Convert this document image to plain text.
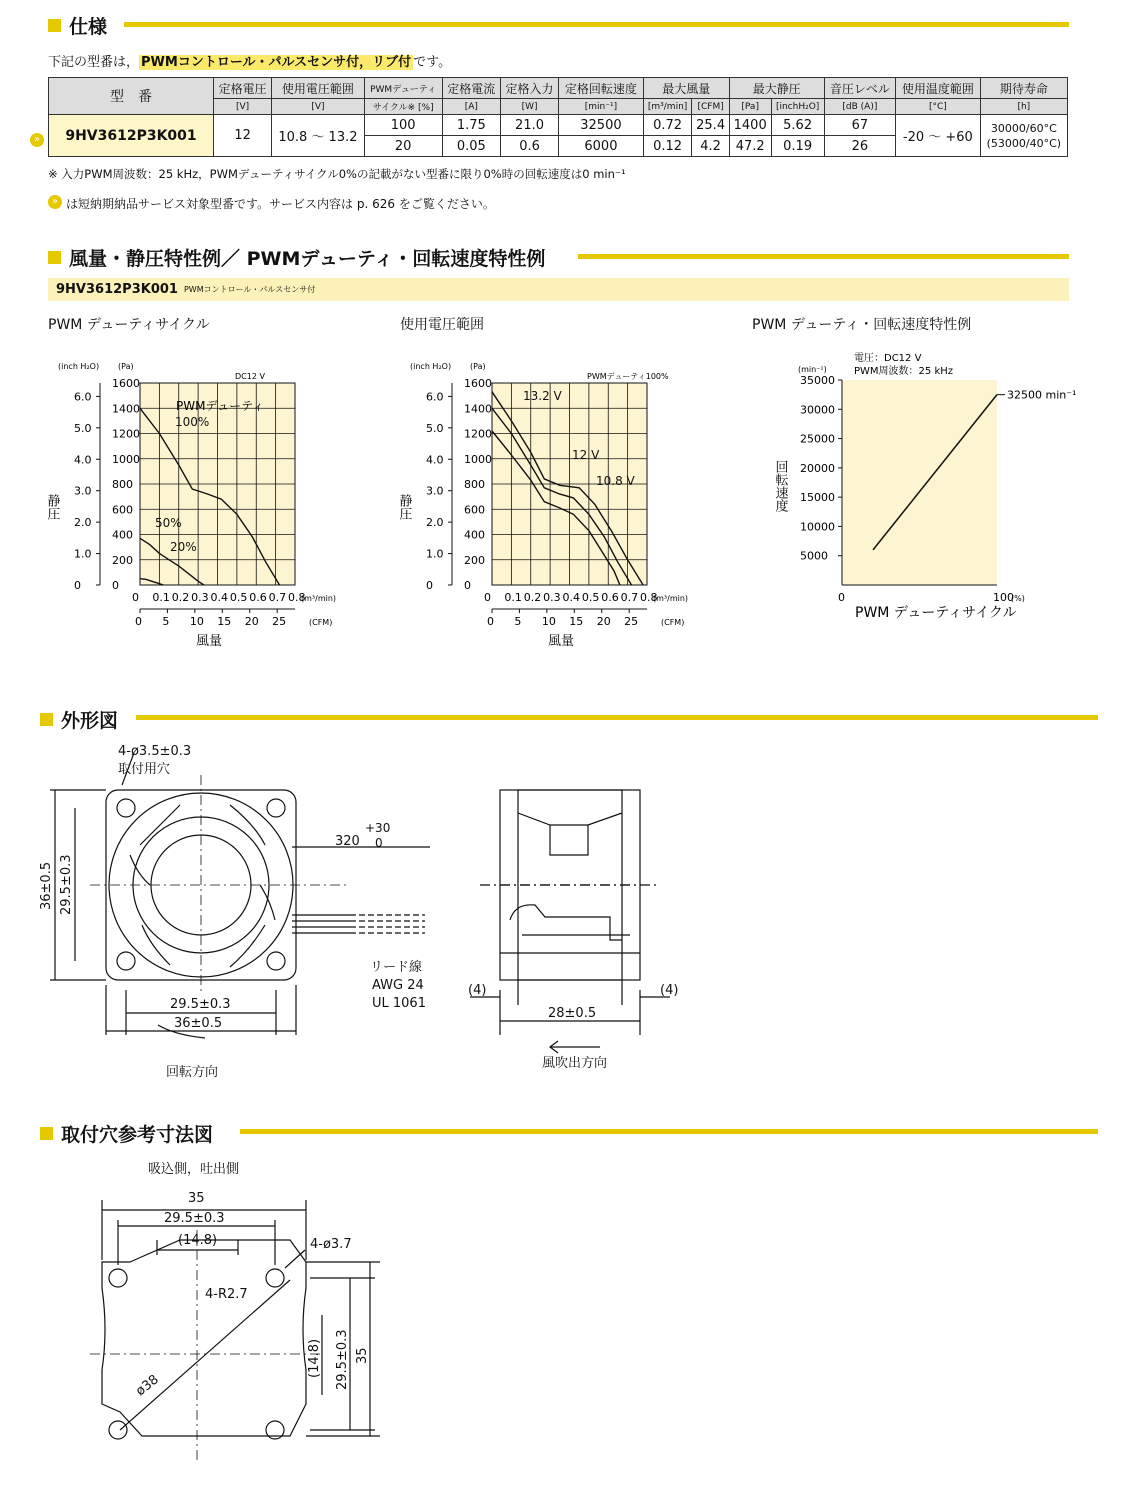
仕様
下記の型番は， PWMコントロール・パルスセンサ付，リブ付 です。
»
型　番	定格電圧	使用電圧範囲	PWMデューティ	定格電流	定格入力	定格回転速度	最大風量		最大静圧		音圧レベル	使用温度範囲	期待寿命
	[V]	[V]	サイクル※ [%]	[A]	[W]	[min⁻¹]	[m³/min]	[CFM]	[Pa]	[inchH₂O]	[dB (A)]	[°C]	[h]
9HV3612P3K001	12	10.8 〜 13.2	100	1.75	21.0	32500	0.72	25.4	1400	5.62	67	-20 〜 +60	30000/60°C
(53000/40°C)
			20	0.05	0.6	6000	0.12	4.2	47.2	0.19	26		
※ 入力PWM周波数：25 kHz，PWMデューティサイクル0%の記載がない型番に限り0%時の回転速度は0 min⁻¹
» は短納期納品サービス対象型番です。サービス内容は p. 626 をご覧ください。
風量・静圧特性例／ PWMデューティ・回転速度特性例
9HV3612P3K001 PWMコントロール・パルスセンサ付
PWM デューティサイクル	使用電圧範囲	PWM デューティ・回転速度特性例
0 0.1 0.2 0.3 0.4 0.5 0.6 0.7 0.8
0
200
400
600
800
1000
1200
1400
1600
0
1.0
2.0
3.0
4.0
5.0
6.0
0 5 10 15 20 25
(m³/min)
(CFM)
(Pa)
(inch H₂O)
風量
静圧
DC12 V
100%
50%
20%
PWMデューティ
0 0.1 0.2 0.3 0.4 0.5 0.6 0.7 0.8
0
200
400
600
800
1000
1200
1400
1600
0
1.0
2.0
3.0
4.0
5.0
6.0
0 5 10 15 20 25
(m³/min)
(CFM)
(Pa)
(inch H₂O)
風量
静圧
PWMデューティ100%
13.2 V
12 V
10.8 V
5000
10000
15000
20000
25000
30000
35000
0	100
(%)
(min⁻¹)
PWM デューティサイクル
回転速度
電圧：DC12 V
PWM周波数：25 kHz
32500 min⁻¹
外形図
4-ø3.5±0.3
取付用穴
320
+30
0
36±0.5 29.5±0.3
29.5±0.3
36±0.5
リード線
AWG 24
UL 1061
回転方向
(4)	(4)
28±0.5
風吹出方向
取付穴参考寸法図
吸込側，吐出側
35
29.5±0.3
(14.8)	4-ø3.7
4-R2.7
ø38
(14.8) 29.5±0.3 35
